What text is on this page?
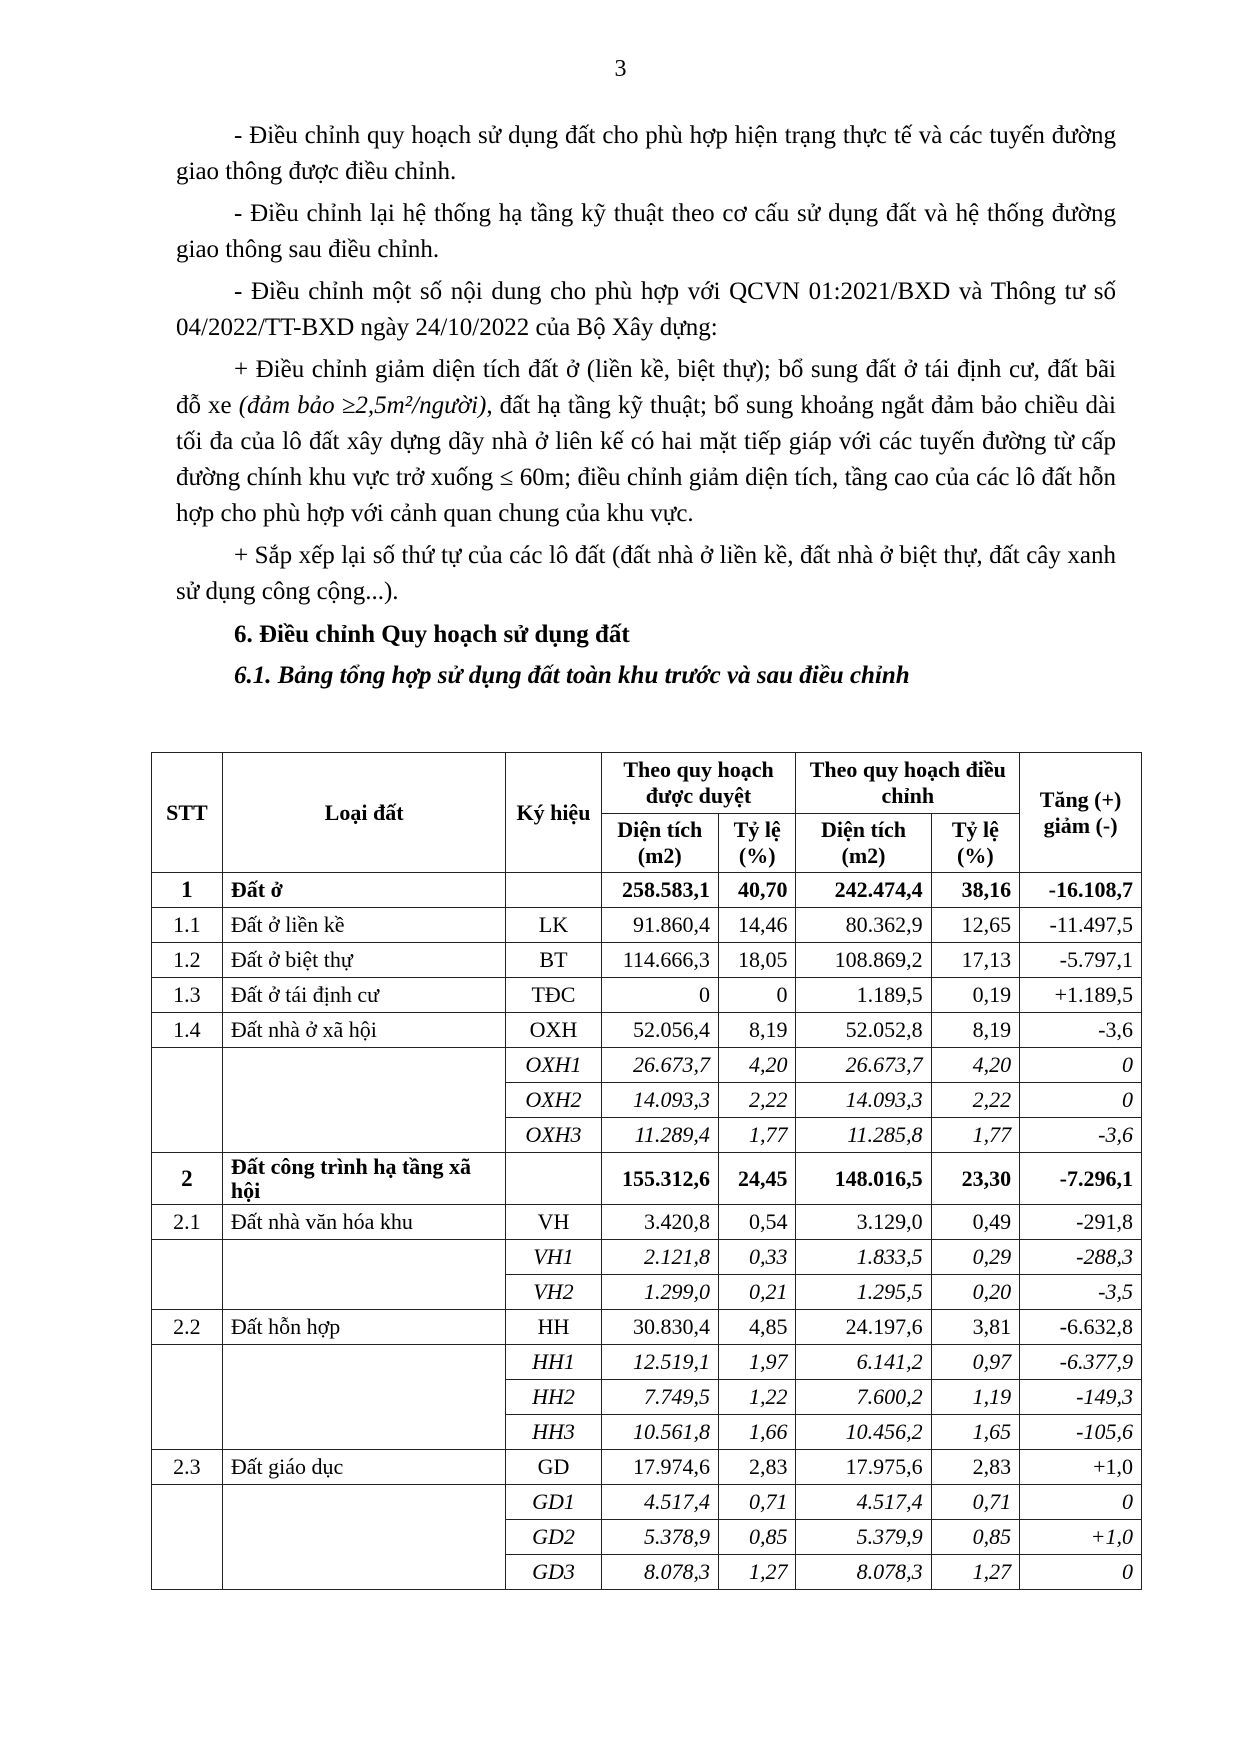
3

- Điều chỉnh quy hoạch sử dụng đất cho phù hợp hiện trạng thực tế và các tuyến đường giao thông được điều chỉnh.

- Điều chỉnh lại hệ thống hạ tầng kỹ thuật theo cơ cấu sử dụng đất và hệ thống đường giao thông sau điều chỉnh.

- Điều chỉnh một số nội dung cho phù hợp với QCVN 01:2021/BXD và Thông tư số 04/2022/TT-BXD ngày 24/10/2022 của Bộ Xây dựng:

+ Điều chỉnh giảm diện tích đất ở (liền kề, biệt thự); bổ sung đất ở tái định cư, đất bãi đỗ xe (đảm bảo ≥2,5m²/người), đất hạ tầng kỹ thuật; bổ sung khoảng ngắt đảm bảo chiều dài tối đa của lô đất xây dựng dãy nhà ở liên kế có hai mặt tiếp giáp với các tuyến đường từ cấp đường chính khu vực trở xuống ≤ 60m; điều chỉnh giảm diện tích, tầng cao của các lô đất hỗn hợp cho phù hợp với cảnh quan chung của khu vực.

+ Sắp xếp lại số thứ tự của các lô đất (đất nhà ở liền kề, đất nhà ở biệt thự, đất cây xanh sử dụng công cộng...).

6. Điều chỉnh Quy hoạch sử dụng đất
6.1. Bảng tổng hợp sử dụng đất toàn khu trước và sau điều chỉnh
STT	Loại đất	Ký hiệu	Theo quy hoạch được duyệt		Theo quy hoạch điều chỉnh		Tăng (+) giảm (-)
			Diện tích (m2)	Tỷ lệ (%)	Diện tích (m2)	Tỷ lệ (%)	
1	Đất ở		258.583,1	40,70	242.474,4	38,16	-16.108,7
1.1	Đất ở liền kề	LK	91.860,4	14,46	80.362,9	12,65	-11.497,5
1.2	Đất ở biệt thự	BT	114.666,3	18,05	108.869,2	17,13	-5.797,1
1.3	Đất ở tái định cư	TĐC	0	0	1.189,5	0,19	+1.189,5
1.4	Đất nhà ở xã hội	OXH	52.056,4	8,19	52.052,8	8,19	-3,6
		OXH1	26.673,7	4,20	26.673,7	4,20	0
		OXH2	14.093,3	2,22	14.093,3	2,22	0
		OXH3	11.289,4	1,77	11.285,8	1,77	-3,6
2	Đất công trình hạ tầng xã hội		155.312,6	24,45	148.016,5	23,30	-7.296,1
2.1	Đất nhà văn hóa khu	VH	3.420,8	0,54	3.129,0	0,49	-291,8
		VH1	2.121,8	0,33	1.833,5	0,29	-288,3
		VH2	1.299,0	0,21	1.295,5	0,20	-3,5
2.2	Đất hỗn hợp	HH	30.830,4	4,85	24.197,6	3,81	-6.632,8
		HH1	12.519,1	1,97	6.141,2	0,97	-6.377,9
		HH2	7.749,5	1,22	7.600,2	1,19	-149,3
		HH3	10.561,8	1,66	10.456,2	1,65	-105,6
2.3	Đất giáo dục	GD	17.974,6	2,83	17.975,6	2,83	+1,0
		GD1	4.517,4	0,71	4.517,4	0,71	0
		GD2	5.378,9	0,85	5.379,9	0,85	+1,0
		GD3	8.078,3	1,27	8.078,3	1,27	0
